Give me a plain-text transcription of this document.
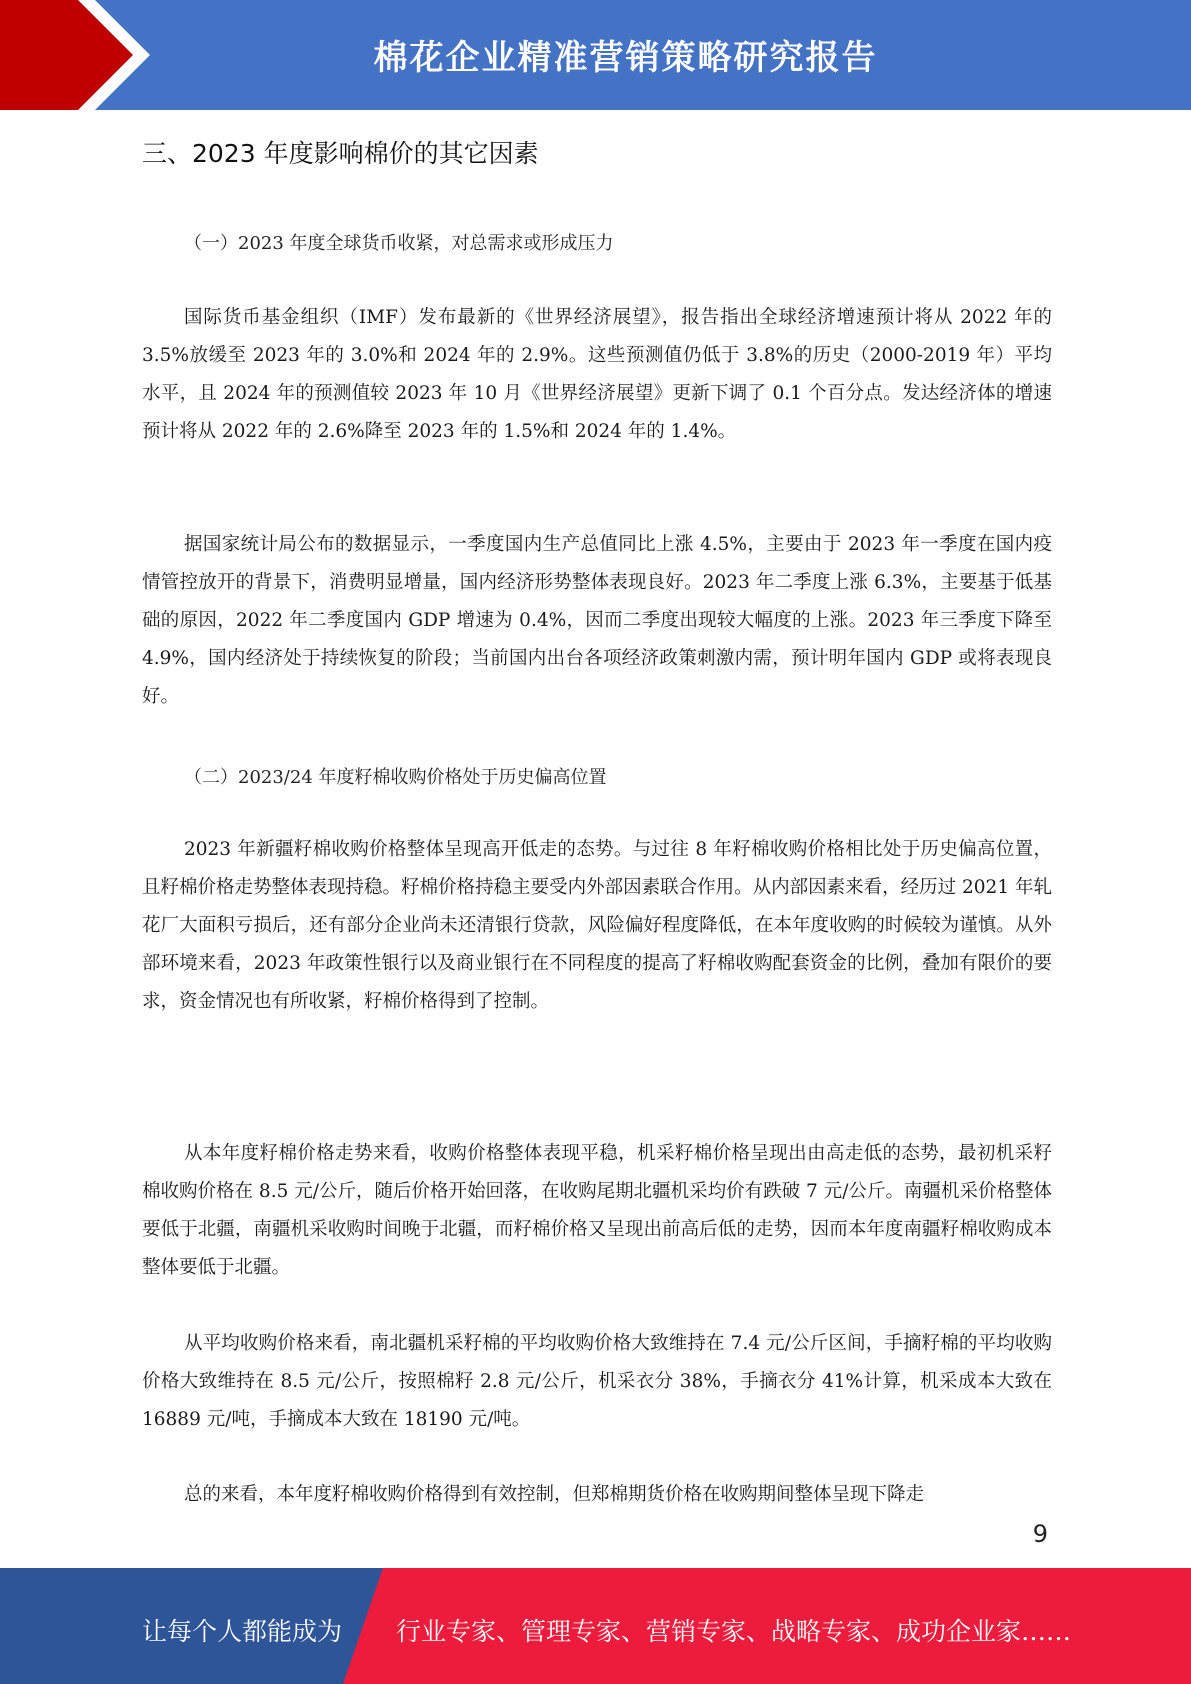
棉花企业精准营销策略研究报告
三、2023 年度影响棉价的其它因素
（一）2023 年度全球货币收紧，对总需求或形成压力
国际货币基金组织（IMF）发布最新的《世界经济展望》，报告指出全球经济增速预计将从 2022 年的 3.5%放缓至 2023 年的 3.0%和 2024 年的 2.9%。这些预测值仍低于 3.8%的历史（2000-2019 年）平均水平，且 2024 年的预测值较 2023 年 10 月《世界经济展望》更新下调了 0.1 个百分点。发达经济体的增速预计将从 2022 年的 2.6%降至 2023 年的 1.5%和 2024 年的 1.4%。
据国家统计局公布的数据显示，一季度国内生产总值同比上涨 4.5%，主要由于 2023 年一季度在国内疫情管控放开的背景下，消费明显增量，国内经济形势整体表现良好。2023 年二季度上涨 6.3%，主要基于低基础的原因，2022 年二季度国内 GDP 增速为 0.4%，因而二季度出现较大幅度的上涨。2023 年三季度下降至 4.9%，国内经济处于持续恢复的阶段；当前国内出台各项经济政策刺激内需，预计明年国内 GDP 或将表现良好。
（二）2023/24 年度籽棉收购价格处于历史偏高位置
2023 年新疆籽棉收购价格整体呈现高开低走的态势。与过往 8 年籽棉收购价格相比处于历史偏高位置，且籽棉价格走势整体表现持稳。籽棉价格持稳主要受内外部因素联合作用。从内部因素来看，经历过 2021 年轧花厂大面积亏损后，还有部分企业尚未还清银行贷款，风险偏好程度降低，在本年度收购的时候较为谨慎。从外部环境来看，2023 年政策性银行以及商业银行在不同程度的提高了籽棉收购配套资金的比例，叠加有限价的要求，资金情况也有所收紧，籽棉价格得到了控制。
从本年度籽棉价格走势来看，收购价格整体表现平稳，机采籽棉价格呈现出由高走低的态势，最初机采籽棉收购价格在 8.5 元/公斤，随后价格开始回落，在收购尾期北疆机采均价有跌破 7 元/公斤。南疆机采价格整体要低于北疆，南疆机采收购时间晚于北疆，而籽棉价格又呈现出前高后低的走势，因而本年度南疆籽棉收购成本整体要低于北疆。
从平均收购价格来看，南北疆机采籽棉的平均收购价格大致维持在 7.4 元/公斤区间，手摘籽棉的平均收购价格大致维持在 8.5 元/公斤，按照棉籽 2.8 元/公斤，机采衣分 38%，手摘衣分 41%计算，机采成本大致在 16889 元/吨，手摘成本大致在 18190 元/吨。
总的来看，本年度籽棉收购价格得到有效控制，但郑棉期货价格在收购期间整体呈现下降走
9
让每个人都能成为 行业专家、管理专家、营销专家、战略专家、成功企业家……
